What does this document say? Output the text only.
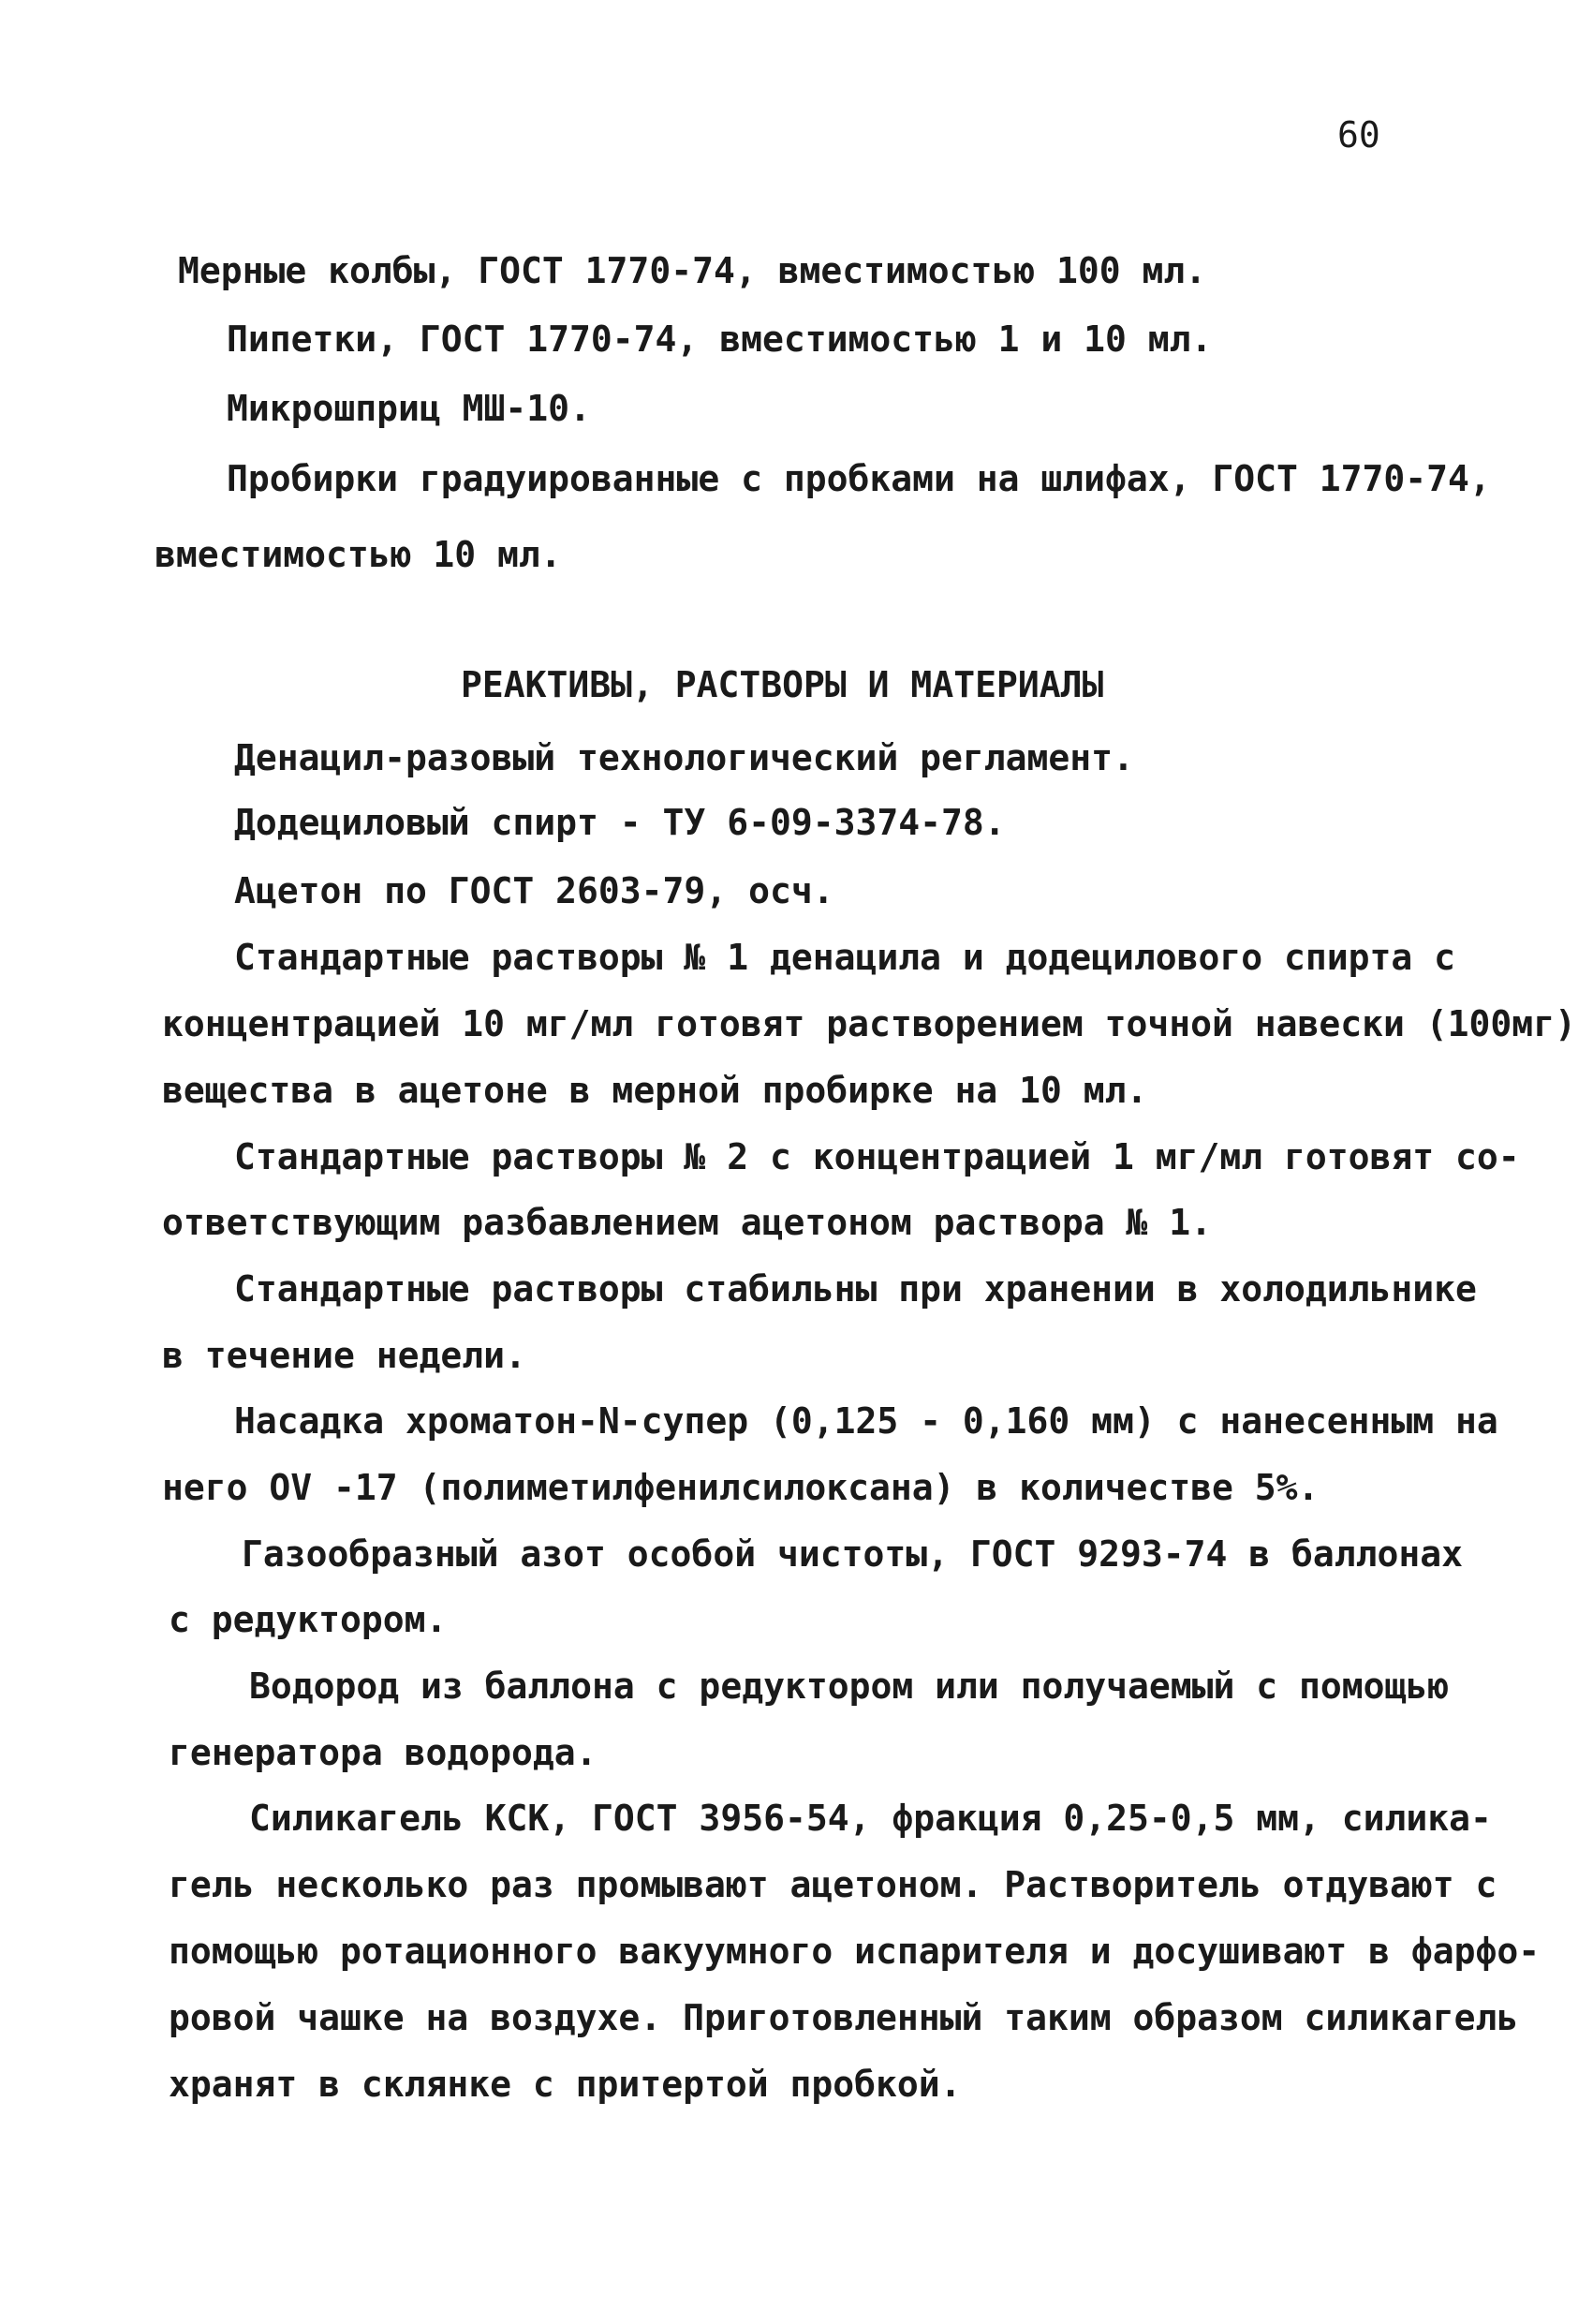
60
Мерные колбы, ГОСТ 1770-74, вместимостью 100 мл.
Пипетки, ГОСТ 1770-74, вместимостью 1 и 10 мл.
Микрошприц МШ-10.
Пробирки градуированные с пробками на шлифах, ГОСТ 1770-74,
вместимостью 10 мл.
РЕАКТИВЫ, РАСТВОРЫ И МАТЕРИАЛЫ
Денацил-разовый технологический регламент.
Додециловый спирт - ТУ 6-09-3374-78.
Ацетон по ГОСТ 2603-79, осч.
Стандартные растворы № 1 денацила и додецилового спирта с
концентрацией 10 мг/мл готовят растворением точной навески (100мг)
вещества в ацетоне в мерной пробирке на 10 мл.
Стандартные растворы № 2 с концентрацией 1 мг/мл готовят со-
ответствующим разбавлением ацетоном раствора № 1.
Стандартные растворы стабильны при хранении в холодильнике
в течение недели.
Насадка хроматон-N-супер (0,125 - 0,160 мм) с нанесенным на
него ОV -17 (полиметилфенилсилоксана) в количестве 5%.
Газообразный азот особой чистоты, ГОСТ 9293-74 в баллонах
с редуктором.
Водород из баллона с редуктором или получаемый с помощью
генератора водорода.
Силикагель КСК, ГОСТ 3956-54, фракция 0,25-0,5 мм, силика-
гель несколько раз промывают ацетоном. Растворитель отдувают с
помощью ротационного вакуумного испарителя и досушивают в фарфо-
ровой чашке на воздухе. Приготовленный таким образом силикагель
хранят в склянке с притертой пробкой.
